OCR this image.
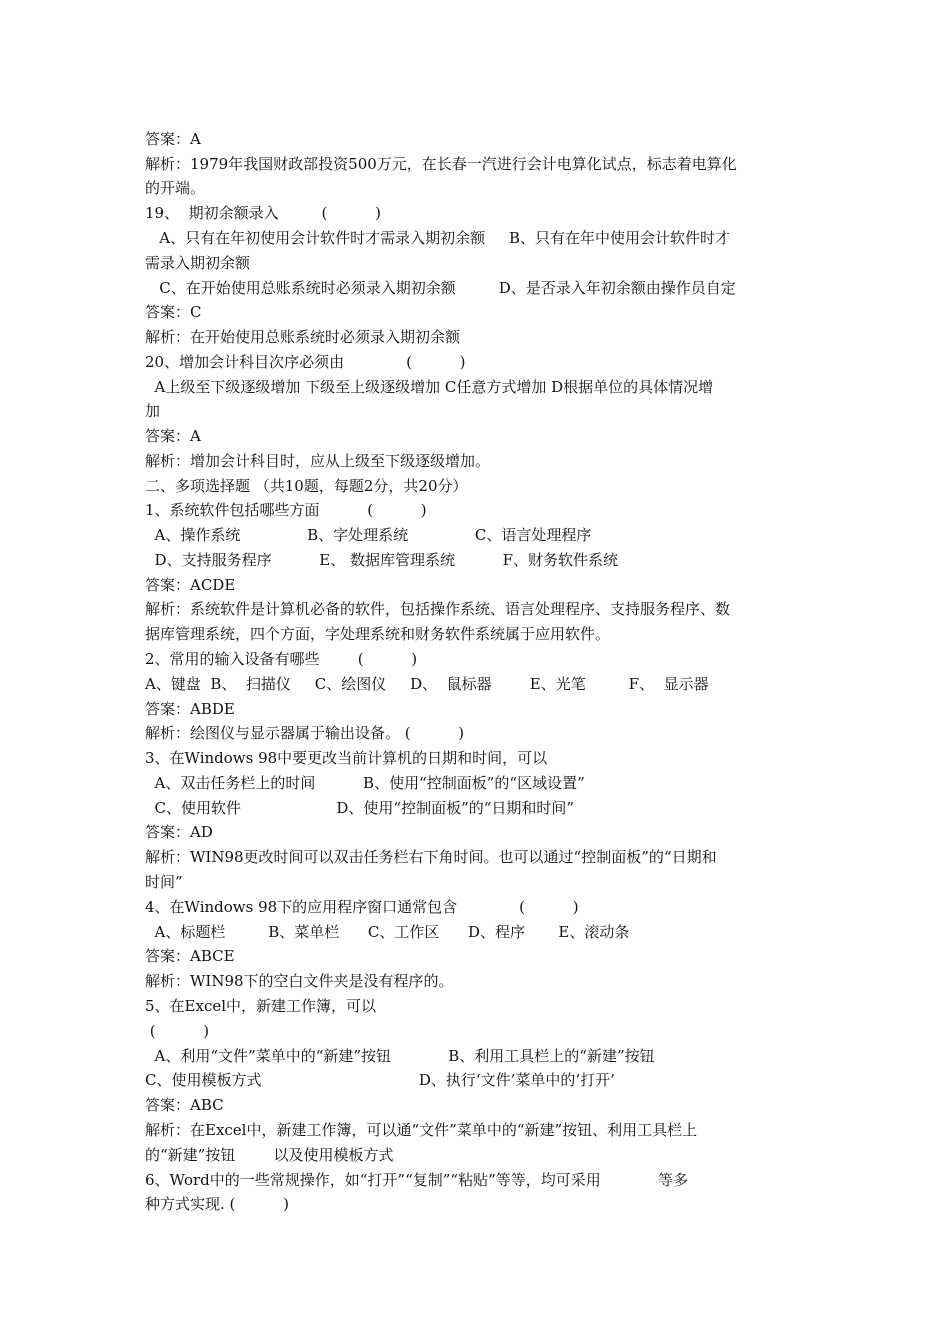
答案：A
解析：1979年我国财政部投资500万元，在长春一汽进行会计电算化试点，标志着电算化
的开端。
19、  期初余额录入         (          )
A、只有在年初使用会计软件时才需录入期初余额     B、只有在年中使用会计软件时才
需录入期初余额
C、在开始使用总账系统时必须录入期初余额         D、是否录入年初余额由操作员自定
答案：C
解析：在开始使用总账系统时必须录入期初余额
20、增加会计科目次序必须由             (          )
A上级至下级逐级增加 下级至上级逐级增加 C任意方式增加 D根据单位的具体情况增
加
答案：A
解析：增加会计科目时，应从上级至下级逐级增加。
二、多项选择题 （共10题，每题2分，共20分）
1、系统软件包括哪些方面          (          )
A、操作系统              B、字处理系统              C、语言处理程序
D、支持服务程序          E、 数据库管理系统          F、财务软件系统
答案：ACDE
解析：系统软件是计算机必备的软件，包括操作系统、语言处理程序、支持服务程序、数
据库管理系统，四个方面，字处理系统和财务软件系统属于应用软件。
2、常用的输入设备有哪些        (          )
A、键盘  B、  扫描仪     C、绘图仪     D、  鼠标器        E、光笔         F、  显示器
答案：ABDE
解析：绘图仪与显示器属于输出设备。 (          )
3、在Windows 98中要更改当前计算机的日期和时间，可以
A、双击任务栏上的时间          B、使用“控制面板”的“区域设置”
C、使用软件                    D、使用“控制面板”的“日期和时间”
答案：AD
解析：WIN98更改时间可以双击任务栏右下角时间。也可以通过“控制面板”的“日期和
时间”
4、在Windows 98下的应用程序窗口通常包含             (          )
A、标题栏         B、菜单栏      C、工作区      D、程序       E、滚动条
答案：ABCE
解析：WIN98下的空白文件夹是没有程序的。
5、在Excel中，新建工作簿，可以
(          )
A、利用“文件”菜单中的“新建”按钮            B、利用工具栏上的“新建”按钮
C、使用模板方式                                 D、执行‘文件’菜单中的‘打开’
答案：ABC
解析：在Excel中，新建工作簿，可以通“文件”菜单中的“新建”按钮、利用工具栏上
的“新建”按钮        以及使用模板方式
6、Word中的一些常规操作，如“打开”“复制”“粘贴”等等，均可采用            等多
种方式实现. (          )
